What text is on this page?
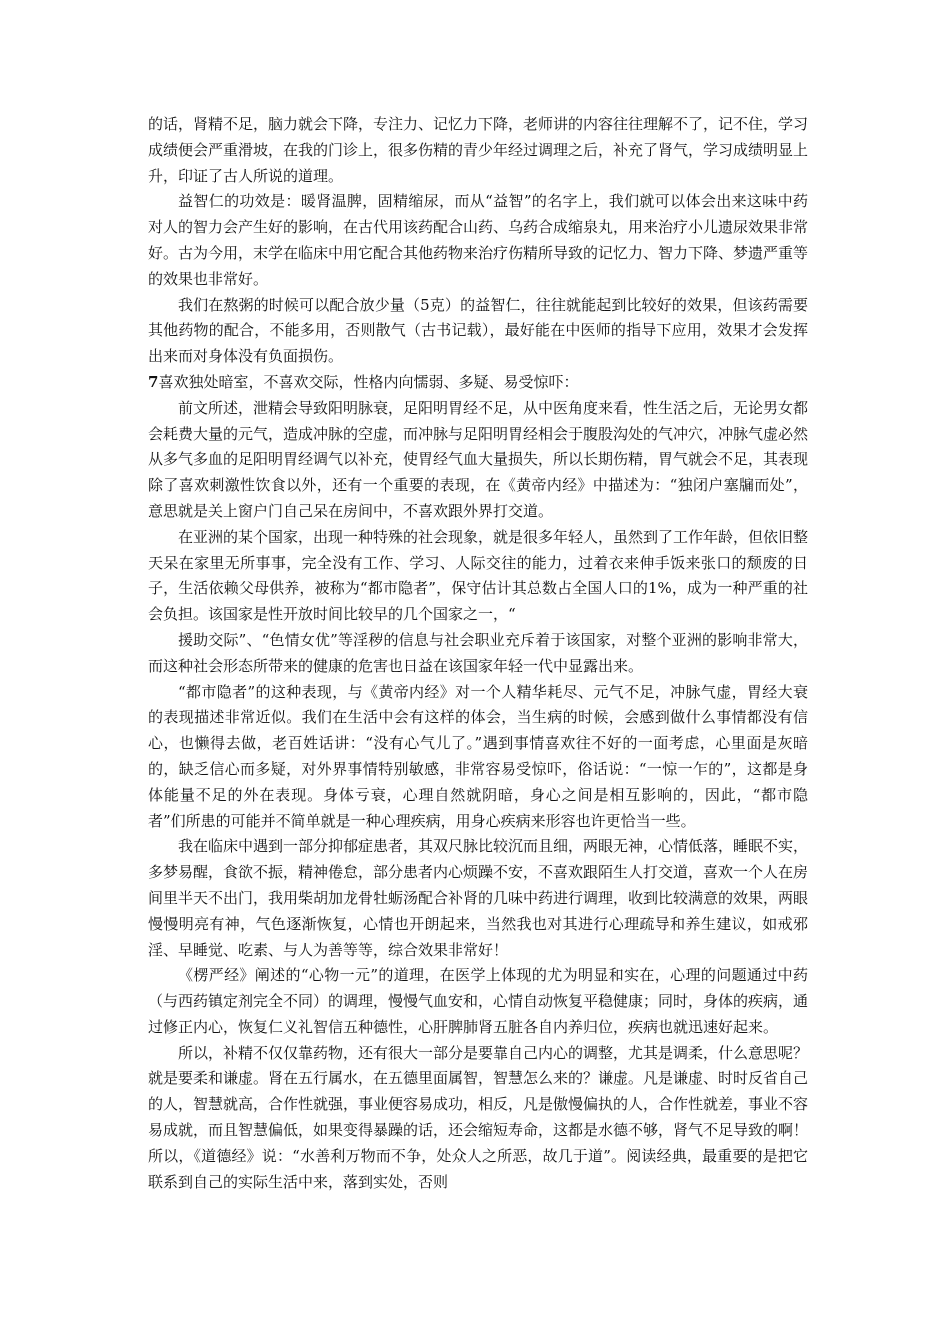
的话，肾精不足，脑力就会下降，专注力、记忆力下降，老师讲的内容往往理解不了，记不住，学习成绩便会严重滑坡，在我的门诊上，很多伤精的青少年经过调理之后，补充了肾气，学习成绩明显上升，印证了古人所说的道理。

益智仁的功效是：暖肾温脾，固精缩尿，而从“益智”的名字上，我们就可以体会出来这味中药对人的智力会产生好的影响，在古代用该药配合山药、乌药合成缩泉丸，用来治疗小儿遗尿效果非常好。古为今用，末学在临床中用它配合其他药物来治疗伤精所导致的记忆力、智力下降、梦遗严重等的效果也非常好。

我们在熬粥的时候可以配合放少量（5克）的益智仁，往往就能起到比较好的效果，但该药需要其他药物的配合，不能多用，否则散气（古书记载），最好能在中医师的指导下应用，效果才会发挥出来而对身体没有负面损伤。

7喜欢独处暗室，不喜欢交际，性格内向懦弱、多疑、易受惊吓：

前文所述，泄精会导致阳明脉衰，足阳明胃经不足，从中医角度来看，性生活之后，无论男女都会耗费大量的元气，造成冲脉的空虚，而冲脉与足阳明胃经相会于腹股沟处的气冲穴，冲脉气虚必然从多气多血的足阳明胃经调气以补充，使胃经气血大量损失，所以长期伤精，胃气就会不足，其表现除了喜欢刺激性饮食以外，还有一个重要的表现，在《黄帝内经》中描述为：“独闭户塞牖而处”，意思就是关上窗户门自己呆在房间中，不喜欢跟外界打交道。

在亚洲的某个国家，出现一种特殊的社会现象，就是很多年轻人，虽然到了工作年龄，但依旧整天呆在家里无所事事，完全没有工作、学习、人际交往的能力，过着衣来伸手饭来张口的颓废的日子，生活依赖父母供养，被称为“都市隐者”，保守估计其总数占全国人口的1%，成为一种严重的社会负担。该国家是性开放时间比较早的几个国家之一，“

援助交际”、“色情女优”等淫秽的信息与社会职业充斥着于该国家，对整个亚洲的影响非常大，而这种社会形态所带来的健康的危害也日益在该国家年轻一代中显露出来。

“都市隐者”的这种表现，与《黄帝内经》对一个人精华耗尽、元气不足，冲脉气虚，胃经大衰的表现描述非常近似。我们在生活中会有这样的体会，当生病的时候，会感到做什么事情都没有信心，也懒得去做，老百姓话讲：“没有心气儿了。”遇到事情喜欢往不好的一面考虑，心里面是灰暗的，缺乏信心而多疑，对外界事情特别敏感，非常容易受惊吓，俗话说：“一惊一乍的”，这都是身体能量不足的外在表现。身体亏衰，心理自然就阴暗，身心之间是相互影响的，因此，“都市隐者”们所患的可能并不简单就是一种心理疾病，用身心疾病来形容也许更恰当一些。

我在临床中遇到一部分抑郁症患者，其双尺脉比较沉而且细，两眼无神，心情低落，睡眠不实，多梦易醒，食欲不振，精神倦怠，部分患者内心烦躁不安，不喜欢跟陌生人打交道，喜欢一个人在房间里半天不出门，我用柴胡加龙骨牡蛎汤配合补肾的几味中药进行调理，收到比较满意的效果，两眼慢慢明亮有神，气色逐渐恢复，心情也开朗起来，当然我也对其进行心理疏导和养生建议，如戒邪淫、早睡觉、吃素、与人为善等等，综合效果非常好！

《楞严经》阐述的“心物一元”的道理，在医学上体现的尤为明显和实在，心理的问题通过中药（与西药镇定剂完全不同）的调理，慢慢气血安和，心情自动恢复平稳健康；同时，身体的疾病，通过修正内心，恢复仁义礼智信五种德性，心肝脾肺肾五脏各自内养归位，疾病也就迅速好起来。

所以，补精不仅仅靠药物，还有很大一部分是要靠自己内心的调整，尤其是调柔，什么意思呢？就是要柔和谦虚。肾在五行属水，在五德里面属智，智慧怎么来的？谦虚。凡是谦虚、时时反省自己的人，智慧就高，合作性就强，事业便容易成功，相反，凡是傲慢偏执的人，合作性就差，事业不容易成就，而且智慧偏低，如果变得暴躁的话，还会缩短寿命，这都是水德不够，肾气不足导致的啊！所以，《道德经》说：“水善利万物而不争，处众人之所恶，故几于道”。阅读经典，最重要的是把它联系到自己的实际生活中来，落到实处，否则
